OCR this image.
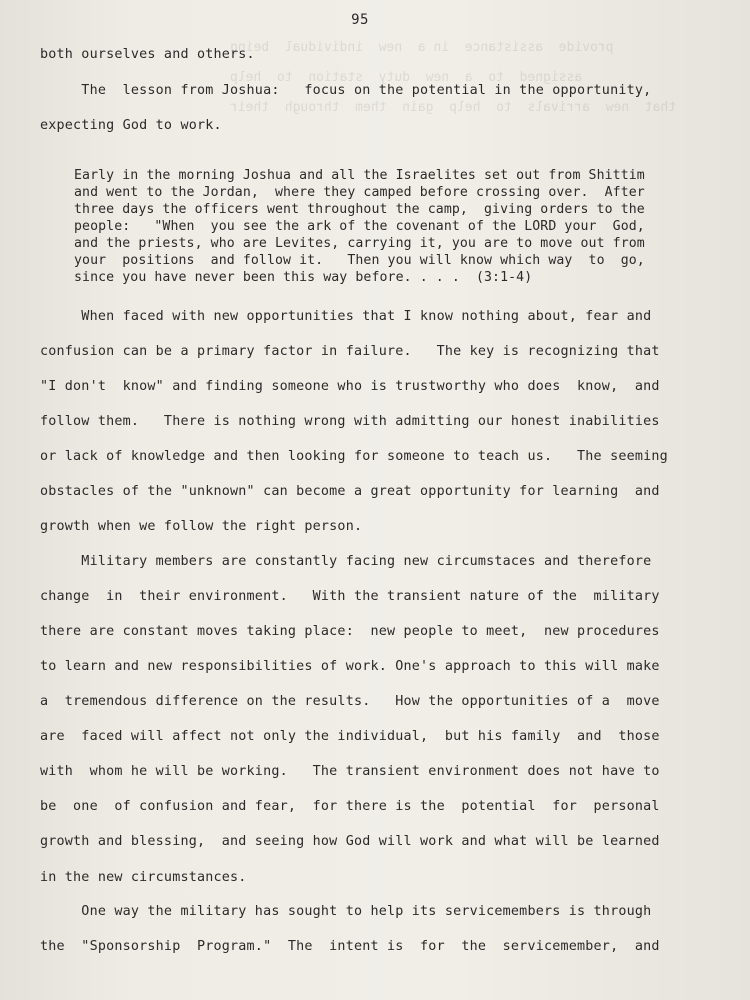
provide  assistance  in a  new  individual  being
assigned  to  a  new  duty  station  to  help
that  new  arrivals  to  help  gain  them  through  their
95
both ourselves and others.
The  lesson from Joshua:   focus on the potential in the opportunity,
expecting God to work.
Early in the morning Joshua and all the Israelites set out from Shittim
and went to the Jordan,  where they camped before crossing over.  After
three days the officers went throughout the camp,  giving orders to the
people:   "When  you see the ark of the covenant of the LORD your  God,
and the priests, who are Levites, carrying it, you are to move out from
your  positions  and follow it.   Then you will know which way  to  go,
since you have never been this way before. . . .  (3:1-4)
When faced with new opportunities that I know nothing about, fear and
confusion can be a primary factor in failure.   The key is recognizing that
"I don't  know" and finding someone who is trustworthy who does  know,  and
follow them.   There is nothing wrong with admitting our honest inabilities
or lack of knowledge and then looking for someone to teach us.   The seeming
obstacles of the "unknown" can become a great opportunity for learning  and
growth when we follow the right person.
Military members are constantly facing new circumstaces and therefore
change  in  their environment.   With the transient nature of the  military
there are constant moves taking place:  new people to meet,  new procedures
to learn and new responsibilities of work. One's approach to this will make
a  tremendous difference on the results.   How the opportunities of a  move
are  faced will affect not only the individual,  but his family  and  those
with  whom he will be working.   The transient environment does not have to
be  one  of confusion and fear,  for there is the  potential  for  personal
growth and blessing,  and seeing how God will work and what will be learned
in the new circumstances.
One way the military has sought to help its servicemembers is through
the  "Sponsorship  Program."  The  intent is  for  the  servicemember,  and
